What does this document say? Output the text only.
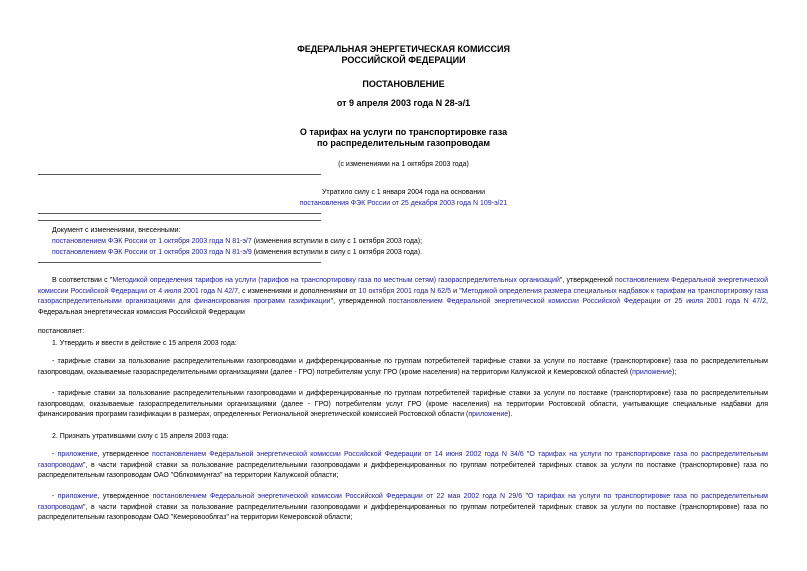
ФЕДЕРАЛЬНАЯ ЭНЕРГЕТИЧЕСКАЯ КОМИССИЯ
РОССИЙСКОЙ ФЕДЕРАЦИИ
ПОСТАНОВЛЕНИЕ
от 9 апреля 2003 года N 28-э/1
О тарифах на услуги по транспортировке газа
по распределительным газопроводам
(с изменениями на 1 октября 2003 года)
Утратило силу с 1 января 2004 года на основании
постановления ФЭК России от 25 декабря 2003 года N 109-э/21
Документ с изменениями, внесенными:
постановлением ФЭК России от 1 октября 2003 года N 81-э/7 (изменения вступили в силу с 1 октября 2003 года);
постановлением ФЭК России от 1 октября 2003 года N 81-э/9 (изменения вступили в силу с 1 октября 2003 года).
В соответствии с "Методикой определения тарифов на услуги (тарифов на транспортировку газа по местным сетям) газораспределительных организаций", утвержденной постановлением Федеральной энергетической комиссии Российской Федерации от 4 июля 2001 года N 42/7, с изменениями и дополнениями от 10 октября 2001 года N 62/5 и "Методикой определения размера специальных надбавок к тарифам на транспортировку газа газораспределительными организациями для финансирования программ газификации", утвержденной постановлением Федеральной энергетической комиссии Российской Федерации от 25 июля 2001 года N 47/2, Федеральная энергетическая комиссия Российской Федерации
постановляет:
1. Утвердить и ввести в действие с 15 апреля 2003 года:
- тарифные ставки за пользование распределительными газопроводами и дифференцированные по группам потребителей тарифные ставки за услуги по поставке (транспортировке) газа по распределительным газопроводам, оказываемые газораспределительными организациями (далее - ГРО) потребителям услуг ГРО (кроме населения) на территории Калужской и Кемеровской областей (приложение);
- тарифные ставки за пользование распределительными газопроводами и дифференцированные по группам потребителей тарифные ставки за услуги по поставке (транспортировке) газа по распределительным газопроводам, оказываемые газораспределительными организациями (далее - ГРО) потребителям услуг ГРО (кроме населения) на территории Ростовской области, учитывающие специальные надбавки для финансирования программ газификации в размерах, определенных Региональной энергетической комиссией Ростовской области (приложение).
2. Признать утратившими силу с 15 апреля 2003 года:
- приложение, утвержденное постановлением Федеральной энергетической комиссии Российской Федерации от 14 июня 2002 года N 34/6 "О тарифах на услуги по транспортировке газа по распределительным газопроводам", в части тарифной ставки за пользование распределительными газопроводами и дифференцированных по группам потребителей тарифных ставок за услуги по поставке (транспортировке) газа по распределительным газопроводам ОАО "Облкоммунгаз" на территории Калужской области;
- приложение, утвержденное постановлением Федеральной энергетической комиссии Российской Федерации от 22 мая 2002 года N 29/6 "О тарифах на услуги по транспортировке газа по распределительным газопроводам", в части тарифной ставки за пользование распределительными газопроводами и дифференцированных по группам потребителей тарифных ставок за услуги по поставке (транспортировке) газа по распределительным газопроводам ОАО "Кемеровооблгаз" на территории Кемеровской области;
